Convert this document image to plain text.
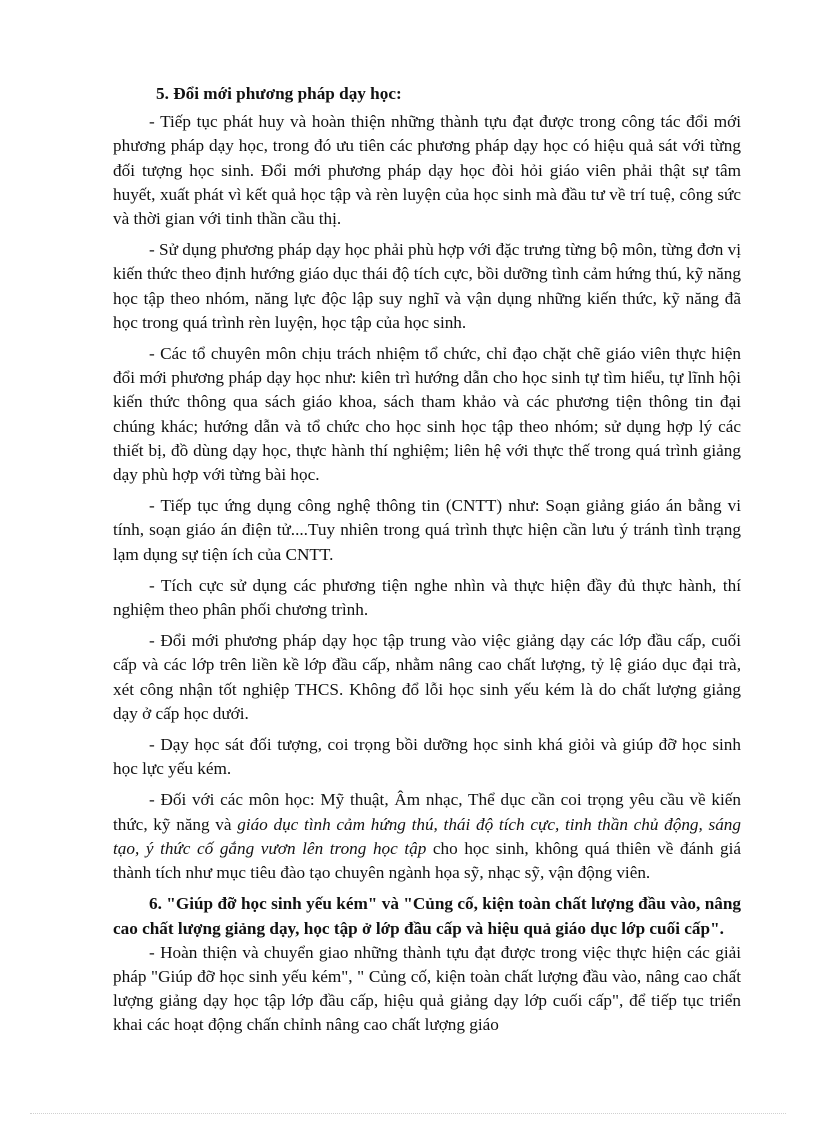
5. Đổi mới phương pháp dạy học:

- Tiếp tục phát huy và hoàn thiện những thành tựu đạt được trong công tác đổi mới phương pháp dạy học, trong đó ưu tiên các phương pháp dạy học có hiệu quả sát với từng đối tượng học sinh. Đổi mới phương pháp dạy học đòi hỏi giáo viên phải thật sự tâm huyết, xuất phát vì kết quả học tập và rèn luyện của học sinh mà đầu tư về trí tuệ, công sức và thời gian với tinh thần cầu thị.

- Sử dụng phương pháp dạy học phải phù hợp với đặc trưng từng bộ môn, từng đơn vị kiến thức theo định hướng giáo dục thái độ tích cực, bồi dưỡng tình cảm hứng thú, kỹ năng học tập theo nhóm, năng lực độc lập suy nghĩ và vận dụng những kiến thức, kỹ năng đã học trong quá trình rèn luyện, học tập của học sinh.

- Các tổ chuyên môn chịu trách nhiệm tổ chức, chỉ đạo chặt chẽ giáo viên thực hiện đổi mới phương pháp dạy học như: kiên trì hướng dẫn cho học sinh tự tìm hiểu, tự lĩnh hội kiến thức thông qua sách giáo khoa, sách tham khảo và các phương tiện thông tin đại chúng khác; hướng dẫn và tổ chức cho học sinh học tập theo nhóm; sử dụng hợp lý các thiết bị, đồ dùng dạy học, thực hành thí nghiệm; liên hệ với thực thế trong quá trình giảng dạy phù hợp với từng bài học.

- Tiếp tục ứng dụng công nghệ thông tin (CNTT) như: Soạn giảng giáo án bằng vi tính, soạn giáo án điện tử....Tuy nhiên trong quá trình thực hiện cần lưu ý tránh tình trạng lạm dụng sự tiện ích của CNTT.

- Tích cực sử dụng các phương tiện nghe nhìn và thực hiện đầy đủ thực hành, thí nghiệm theo phân phối chương trình.

- Đổi mới phương pháp dạy học tập trung vào việc giảng dạy các lớp đầu cấp, cuối cấp và các lớp trên liền kề lớp đầu cấp, nhằm nâng cao chất lượng, tỷ lệ giáo dục đại trà, xét công nhận tốt nghiệp THCS. Không đổ lỗi học sinh yếu kém là do chất lượng giảng dạy ở cấp học dưới.

- Dạy học sát đối tượng, coi trọng bồi dưỡng học sinh khá giỏi và giúp đỡ học sinh học lực yếu kém.

- Đối với các môn học: Mỹ thuật, Âm nhạc, Thể dục cần coi trọng yêu cầu về kiến thức, kỹ năng và giáo dục tình cảm hứng thú, thái độ tích cực, tinh thần chủ động, sáng tạo, ý thức cố gắng vươn lên trong học tập cho học sinh, không quá thiên về đánh giá thành tích như mục tiêu đào tạo chuyên ngành họa sỹ, nhạc sỹ, vận động viên.

6. "Giúp đỡ học sinh yếu kém" và "Củng cố, kiện toàn chất lượng đầu vào, nâng cao chất lượng giảng dạy, học tập ở lớp đầu cấp và hiệu quả giáo dục lớp cuối cấp".

- Hoàn thiện và chuyển giao những thành tựu đạt được trong việc thực hiện các giải pháp "Giúp đỡ học sinh yếu kém", " Củng cố, kiện toàn chất lượng đầu vào, nâng cao chất lượng giảng dạy học tập lớp đầu cấp, hiệu quả giảng dạy lớp cuối cấp", để tiếp tục triển khai các hoạt động chấn chỉnh nâng cao chất lượng giáo
